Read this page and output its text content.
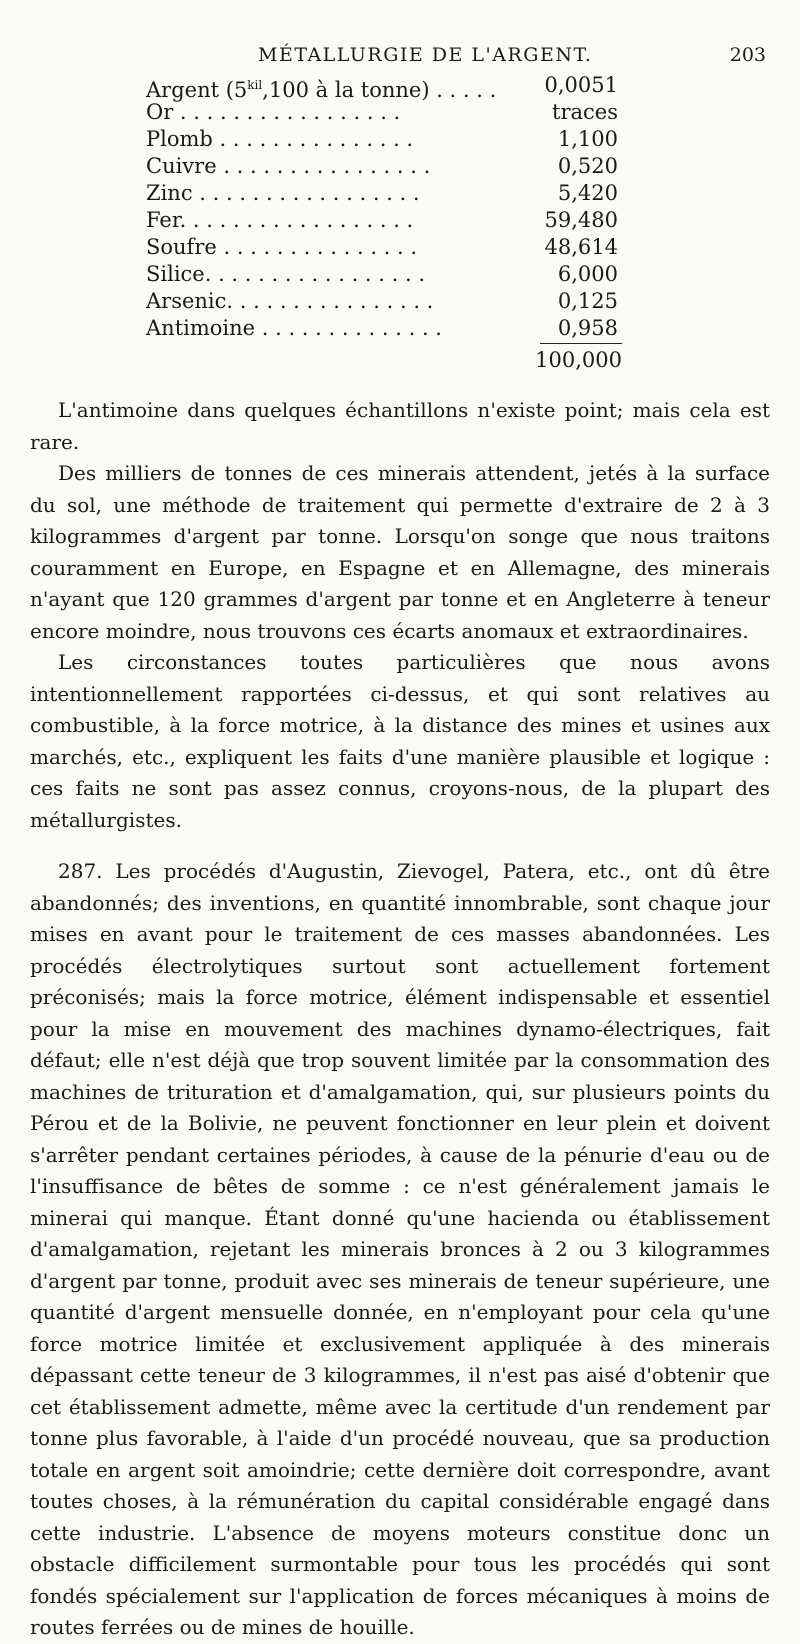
MÉTALLURGIE DE L'ARGENT.	203
Argent ($5^{kil},100$ à la tonne) . . . . . 0,0051
Or . . . . . . . . . . . . . . . . .	traces
Plomb . . . . . . . . . . . . . . .	1,100
Cuivre . . . . . . . . . . . . . . . .	0,520
Zinc . . . . . . . . . . . . . . . . .	5,420
Fer. . . . . . . . . . . . . . . . . .	59,480
Soufre . . . . . . . . . . . . . . .	48,614
Silice. . . . . . . . . . . . . . . . .	6,000
Arsenic. . . . . . . . . . . . . . . .	0,125
Antimoine . . . . . . . . . . . . . .	0,958
100,000

L'antimoine dans quelques échantillons n'existe point; mais cela est rare.

Des milliers de tonnes de ces minerais attendent, jetés à la surface du sol, une méthode de traitement qui permette d'extraire de 2 à 3 kilogrammes d'argent par tonne. Lorsqu'on songe que nous traitons couramment en Europe, en Espagne et en Allemagne, des minerais n'ayant que 120 grammes d'argent par tonne et en Angleterre à teneur encore moindre, nous trouvons ces écarts anomaux et extraordinaires.

Les circonstances toutes particulières que nous avons intentionnellement rapportées ci-dessus, et qui sont relatives au combustible, à la force motrice, à la distance des mines et usines aux marchés, etc., expliquent les faits d'une manière plausible et logique : ces faits ne sont pas assez connus, croyons-nous, de la plupart des métallurgistes.

287. Les procédés d'Augustin, Zievogel, Patera, etc., ont dû être abandonnés; des inventions, en quantité innombrable, sont chaque jour mises en avant pour le traitement de ces masses abandonnées. Les procédés électrolytiques surtout sont actuellement fortement préconisés; mais la force motrice, élément indispensable et essentiel pour la mise en mouvement des machines dynamo-électriques, fait défaut; elle n'est déjà que trop souvent limitée par la consommation des machines de trituration et d'amalgamation, qui, sur plusieurs points du Pérou et de la Bolivie, ne peuvent fonctionner en leur plein et doivent s'arrêter pendant certaines périodes, à cause de la pénurie d'eau ou de l'insuffisance de bêtes de somme : ce n'est généralement jamais le minerai qui manque. Étant donné qu'une hacienda ou établissement d'amalgamation, rejetant les minerais bronces à 2 ou 3 kilogrammes d'argent par tonne, produit avec ses minerais de teneur supérieure, une quantité d'argent mensuelle donnée, en n'employant pour cela qu'une force motrice limitée et exclusivement appliquée à des minerais dépassant cette teneur de 3 kilogrammes, il n'est pas aisé d'obtenir que cet établissement admette, même avec la certitude d'un rendement par tonne plus favorable, à l'aide d'un procédé nouveau, que sa production totale en argent soit amoindrie; cette dernière doit correspondre, avant toutes choses, à la rémunération du capital considérable engagé dans cette industrie. L'absence de moyens moteurs constitue donc un obstacle difficilement surmontable pour tous les procédés qui sont fondés spécialement sur l'application de forces mécaniques à moins de routes ferrées ou de mines de houille.
